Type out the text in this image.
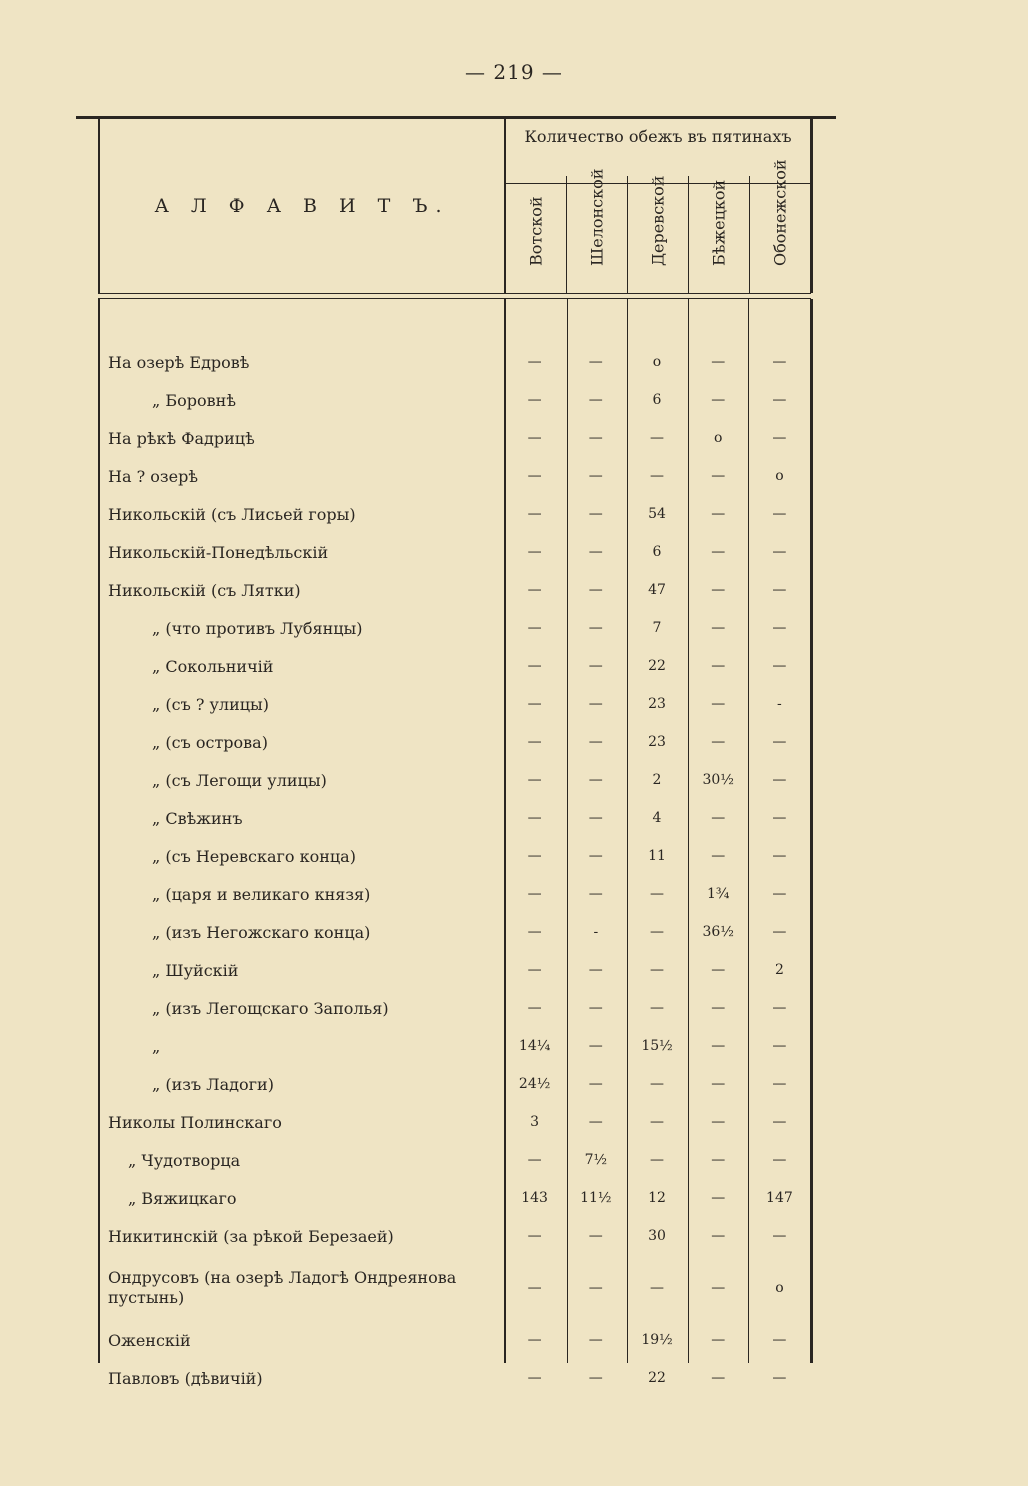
— 219 —
А Л Ф А В И Т Ъ.
Количество обежъ въ пятинахъ
Вотской	Шелонской	Деревской	Бѣжецкой	Обонежской
На озерѣ Едровѣ	—	—	о	—	—
„ Боровнѣ	—	—	6	—	—
На рѣкѣ Фадрицѣ	—	—	—	о	—
На ? озерѣ	—	—	—	—	о
Никольскій (съ Лисьей горы)	—	—	54	—	—
Никольскій-Понедѣльскій	—	—	6	—	—
Никольскій (съ Лятки)	—	—	47	—	—
„ (что противъ Лубянцы)	—	—	7	—	—
„ Сокольничій	—	—	22	—	—
„ (съ ? улицы)	—	—	23	—	-
„ (съ острова)	—	—	23	—	—
„ (съ Легощи улицы)	—	—	2	30½	—
„ Свѣжинъ	—	—	4	—	—
„ (съ Неревскаго конца)	—	—	11	—	—
„ (царя и великаго князя)	—	—	—	1¾	—
„ (изъ Негожскаго конца)	—	-	—	36½	—
„ Шуйскій	—	—	—	—	2
„ (изъ Легощскаго Заполья)	—	—	—	—	—
„	14¼	—	15½	—	—
„ (изъ Ладоги)	24½	—	—	—	—
Николы Полинскаго	3	—	—	—	—
„ Чудотворца	—	7½	—	—	—
„ Вяжицкаго	143	11½	12	—	147
Никитинскій (за рѣкой Березаей)	—	—	30	—	—
Ондрусовъ (на озерѣ Ладогѣ Ондреянова пустынь)	—	—	—	—	о
Оженскій	—	—	19½	—	—
Павловъ (дѣвичій)	—	—	22	—	—
